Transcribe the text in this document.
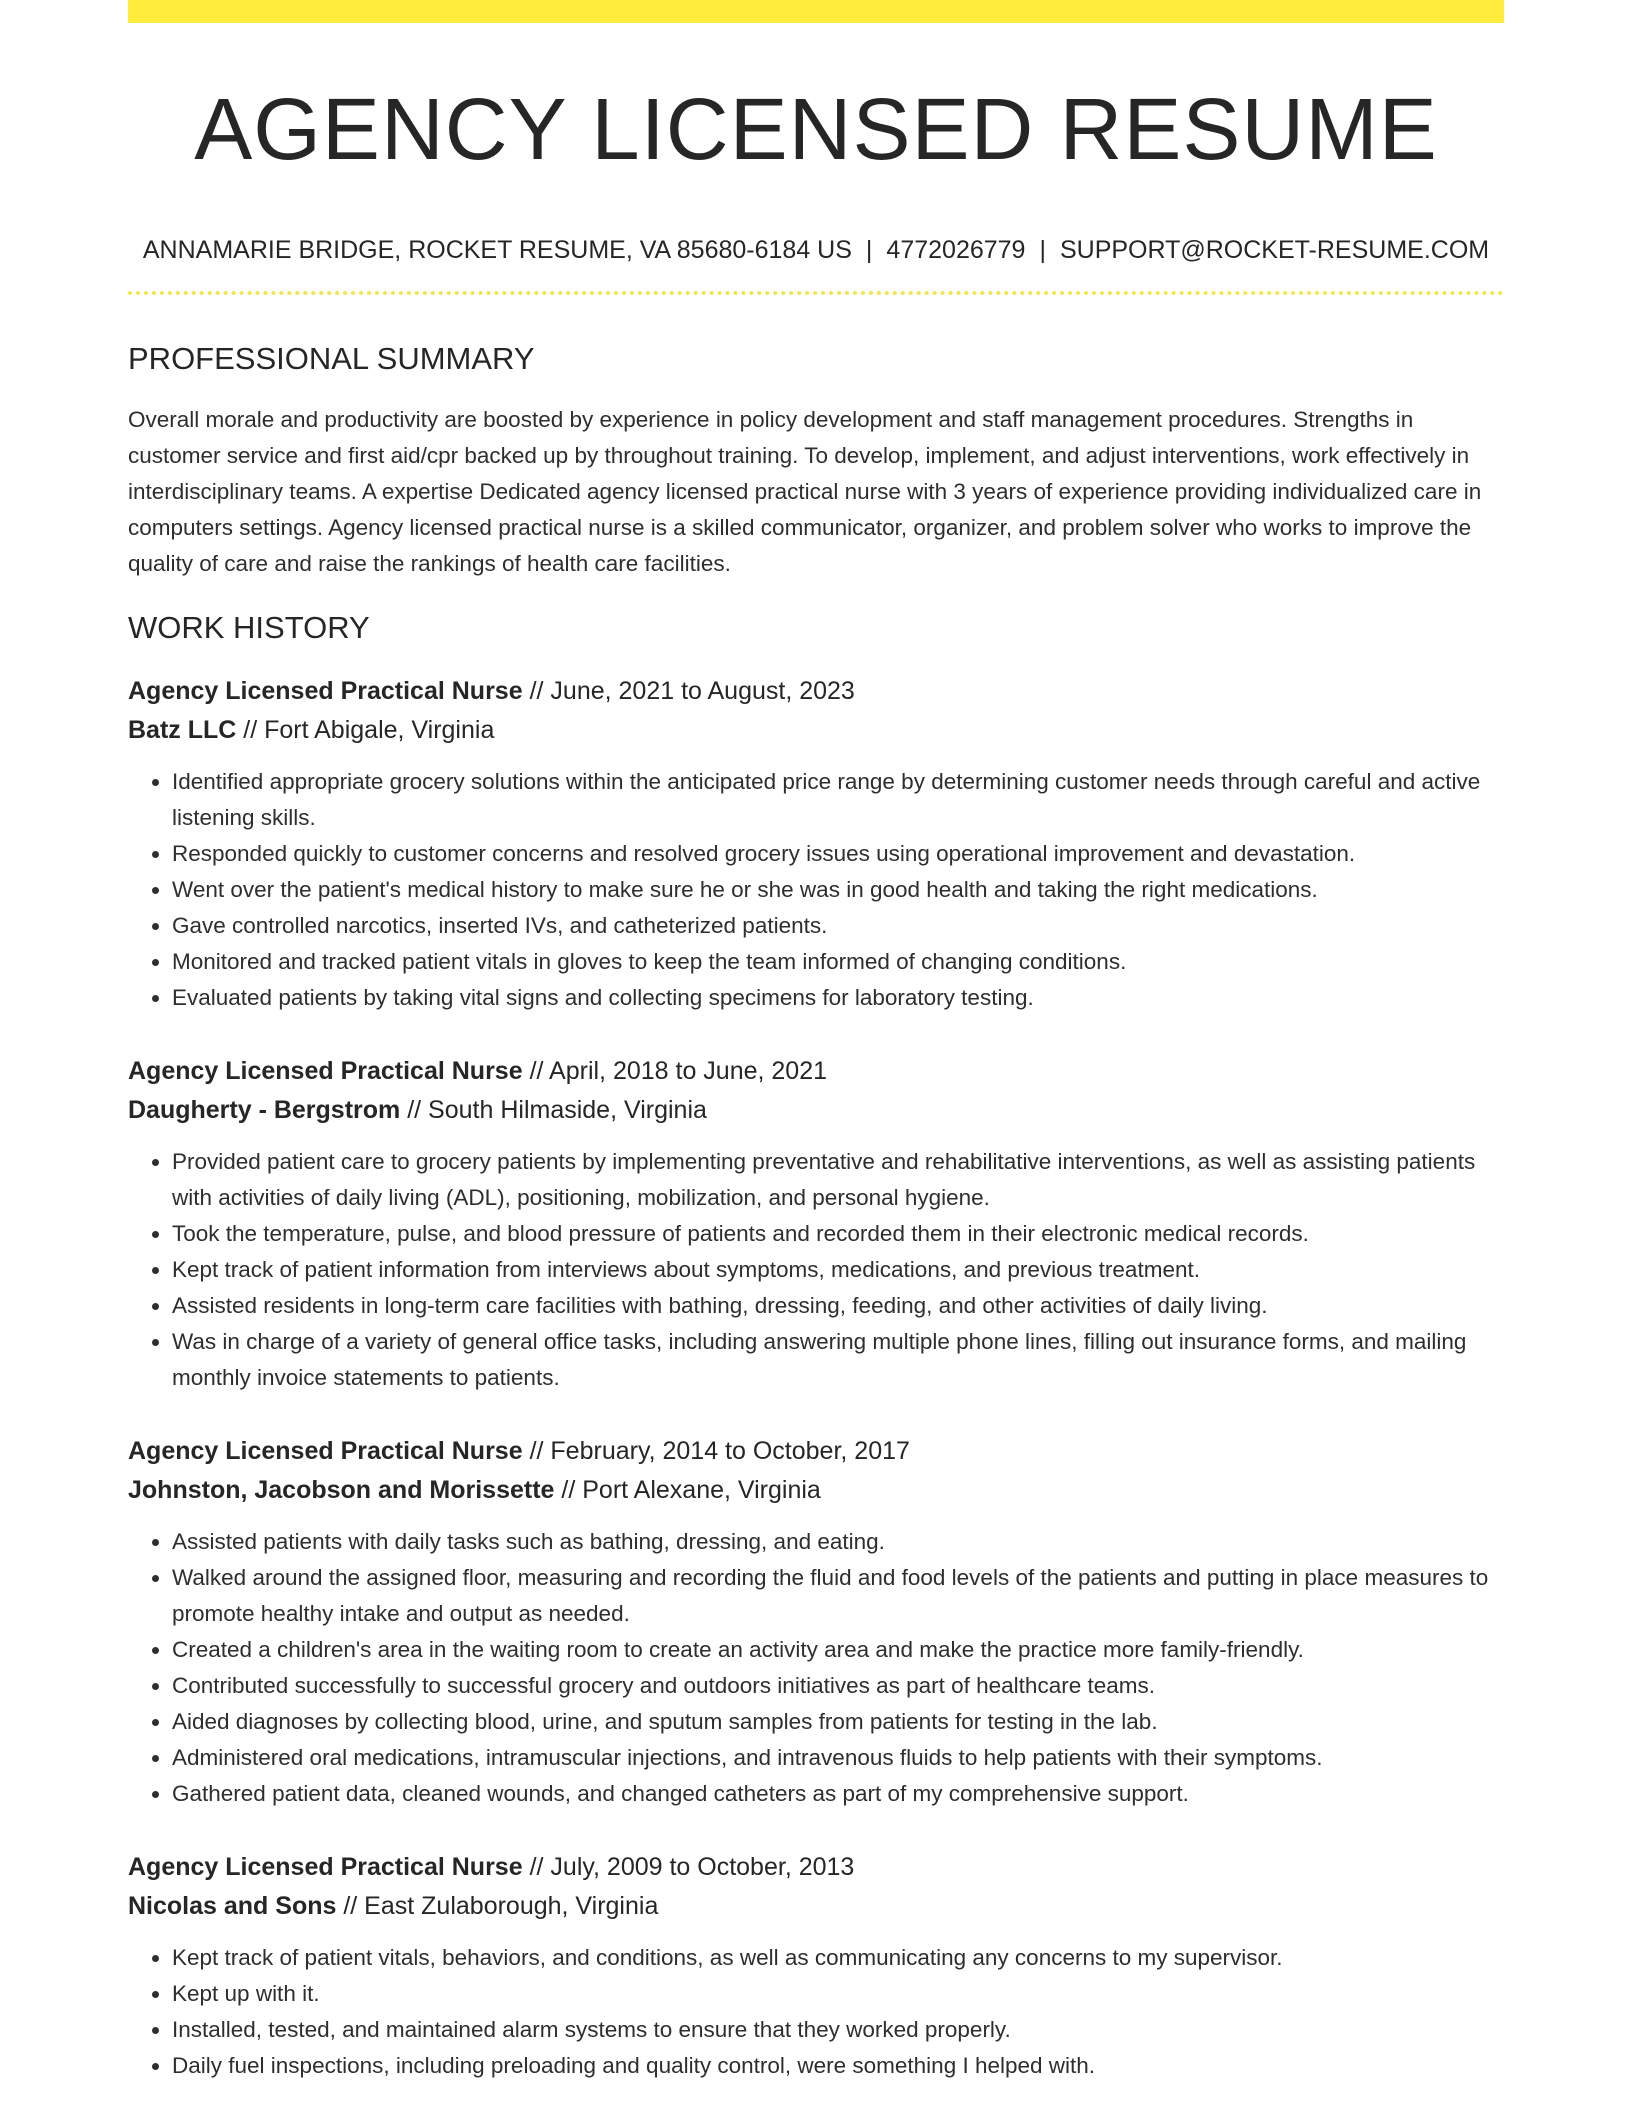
AGENCY LICENSED RESUME
ANNAMARIE BRIDGE, ROCKET RESUME, VA 85680-6184 US | 4772026779 | SUPPORT@ROCKET-RESUME.COM
PROFESSIONAL SUMMARY

Overall morale and productivity are boosted by experience in policy development and staff management procedures. Strengths in customer service and first aid/cpr backed up by throughout training. To develop, implement, and adjust interventions, work effectively in interdisciplinary teams. A expertise Dedicated agency licensed practical nurse with 3 years of experience providing individualized care in computers settings. Agency licensed practical nurse is a skilled communicator, organizer, and problem solver who works to improve the quality of care and raise the rankings of health care facilities.

WORK HISTORY
Agency Licensed Practical Nurse // June, 2021 to August, 2023
Batz LLC // Fort Abigale, Virginia
• Identified appropriate grocery solutions within the anticipated price range by determining customer needs through careful and active listening skills.
• Responded quickly to customer concerns and resolved grocery issues using operational improvement and devastation.
• Went over the patient's medical history to make sure he or she was in good health and taking the right medications.
• Gave controlled narcotics, inserted IVs, and catheterized patients.
• Monitored and tracked patient vitals in gloves to keep the team informed of changing conditions.
• Evaluated patients by taking vital signs and collecting specimens for laboratory testing.
Agency Licensed Practical Nurse // April, 2018 to June, 2021
Daugherty - Bergstrom // South Hilmaside, Virginia
• Provided patient care to grocery patients by implementing preventative and rehabilitative interventions, as well as assisting patients with activities of daily living (ADL), positioning, mobilization, and personal hygiene.
• Took the temperature, pulse, and blood pressure of patients and recorded them in their electronic medical records.
• Kept track of patient information from interviews about symptoms, medications, and previous treatment.
• Assisted residents in long-term care facilities with bathing, dressing, feeding, and other activities of daily living.
• Was in charge of a variety of general office tasks, including answering multiple phone lines, filling out insurance forms, and mailing monthly invoice statements to patients.
Agency Licensed Practical Nurse // February, 2014 to October, 2017
Johnston, Jacobson and Morissette // Port Alexane, Virginia
• Assisted patients with daily tasks such as bathing, dressing, and eating.
• Walked around the assigned floor, measuring and recording the fluid and food levels of the patients and putting in place measures to promote healthy intake and output as needed.
• Created a children's area in the waiting room to create an activity area and make the practice more family-friendly.
• Contributed successfully to successful grocery and outdoors initiatives as part of healthcare teams.
• Aided diagnoses by collecting blood, urine, and sputum samples from patients for testing in the lab.
• Administered oral medications, intramuscular injections, and intravenous fluids to help patients with their symptoms.
• Gathered patient data, cleaned wounds, and changed catheters as part of my comprehensive support.
Agency Licensed Practical Nurse // July, 2009 to October, 2013
Nicolas and Sons // East Zulaborough, Virginia
• Kept track of patient vitals, behaviors, and conditions, as well as communicating any concerns to my supervisor.
• Kept up with it.
• Installed, tested, and maintained alarm systems to ensure that they worked properly.
• Daily fuel inspections, including preloading and quality control, were something I helped with.
